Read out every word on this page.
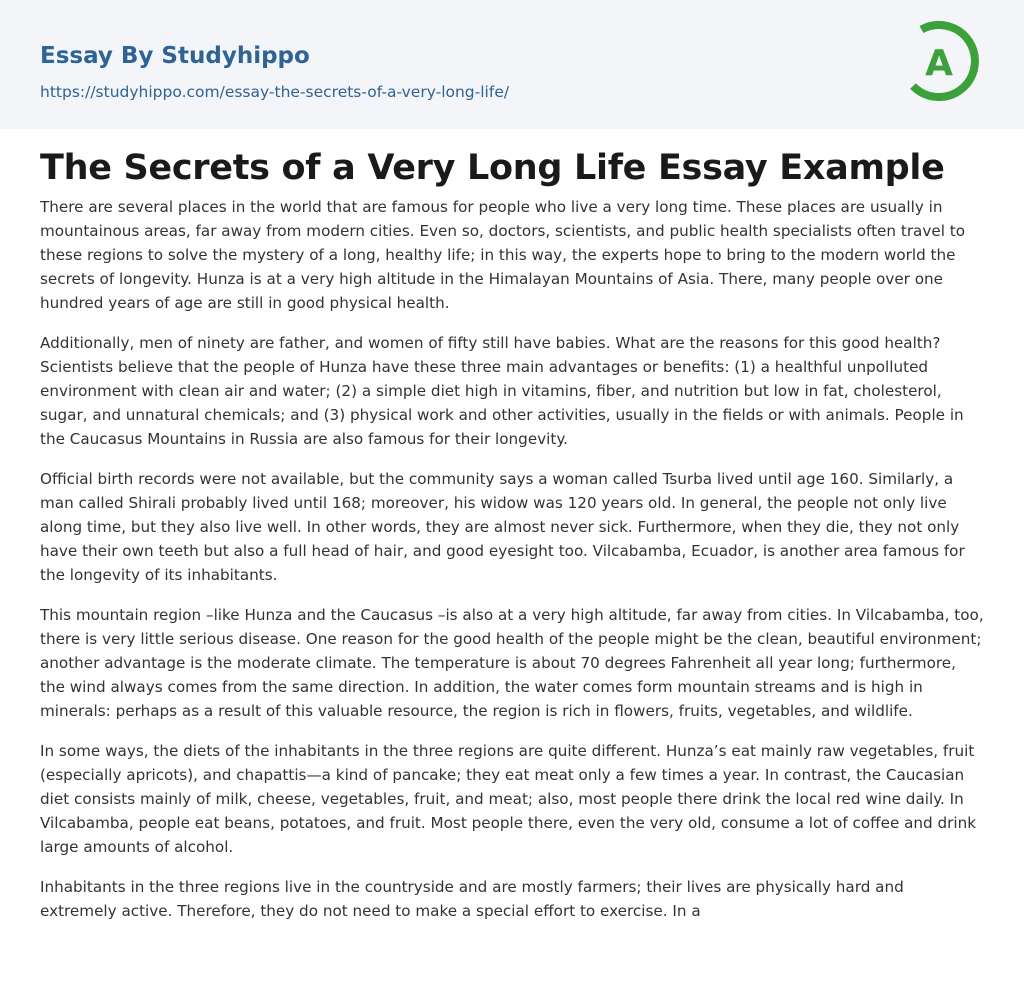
Essay By Studyhippo
https://studyhippo.com/essay-the-secrets-of-a-very-long-life/
A
The Secrets of a Very Long Life Essay Example

There are several places in the world that are famous for people who live a very long time. These places are usually in mountainous areas, far away from modern cities. Even so, doctors, scientists, and public health specialists often travel to these regions to solve the mystery of a long, healthy life; in this way, the experts hope to bring to the modern world the secrets of longevity. Hunza is at a very high altitude in the Himalayan Mountains of Asia. There, many people over one hundred years of age are still in good physical health.

Additionally, men of ninety are father, and women of fifty still have babies. What are the reasons for this good health? Scientists believe that the people of Hunza have these three main advantages or benefits: (1) a healthful unpolluted environment with clean air and water; (2) a simple diet high in vitamins, fiber, and nutrition but low in fat, cholesterol, sugar, and unnatural chemicals; and (3) physical work and other activities, usually in the fields or with animals. People in the Caucasus Mountains in Russia are also famous for their longevity.

Official birth records were not available, but the community says a woman called Tsurba lived until age 160. Similarly, a man called Shirali probably lived until 168; moreover, his widow was 120 years old. In general, the people not only live along time, but they also live well. In other words, they are almost never sick. Furthermore, when they die, they not only have their own teeth but also a full head of hair, and good eyesight too. Vilcabamba, Ecuador, is another area famous for the longevity of its inhabitants.

This mountain region –like Hunza and the Caucasus –is also at a very high altitude, far away from cities. In Vilcabamba, too, there is very little serious disease. One reason for the good health of the people might be the clean, beautiful environment; another advantage is the moderate climate. The temperature is about 70 degrees Fahrenheit all year long; furthermore, the wind always comes from the same direction. In addition, the water comes form mountain streams and is high in minerals: perhaps as a result of this valuable resource, the region is rich in flowers, fruits, vegetables, and wildlife.

In some ways, the diets of the inhabitants in the three regions are quite different. Hunza’s eat mainly raw vegetables, fruit (especially apricots), and chapattis—a kind of pancake; they eat meat only a few times a year. In contrast, the Caucasian diet consists mainly of milk, cheese, vegetables, fruit, and meat; also, most people there drink the local red wine daily. In Vilcabamba, people eat beans, potatoes, and fruit. Most people there, even the very old, consume a lot of coffee and drink large amounts of alcohol.

Inhabitants in the three regions live in the countryside and are mostly farmers; their lives are physically hard and extremely active. Therefore, they do not need to make a special effort to exercise. In a
